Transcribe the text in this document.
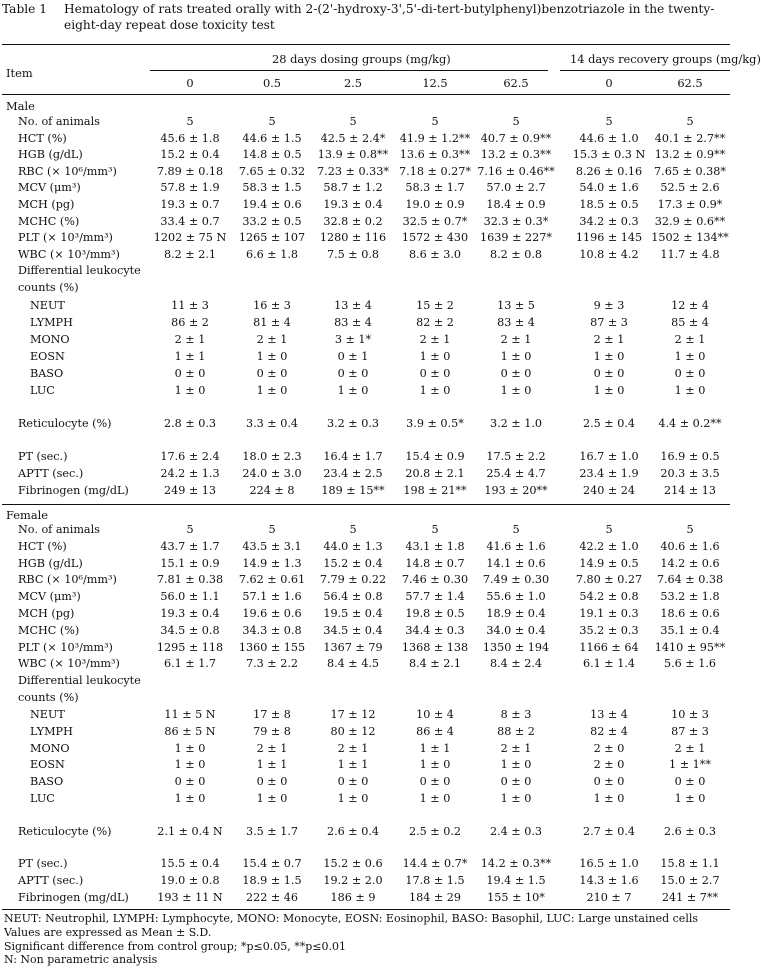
Table 1 Hematology of rats treated orally with 2-(2'-hydroxy-3',5'-di-tert-butylphenyl)benzotriazole in the twenty-eight-day repeat dose toxicity test
Item
28 days dosing groups (mg/kg)	14 days recovery groups (mg/kg)
0	0.5	2.5	12.5	62.5	0	62.5
Male
No. of animals	5	5	5	5	5	5	5
HCT (%)	45.6 ± 1.8	44.6 ± 1.5	42.5 ± 2.4*	41.9 ± 1.2** 40.7 ± 0.9**	44.6 ± 1.0	40.1 ± 2.7**
HGB (g/dL)	15.2 ± 0.4	14.8 ± 0.5	13.9 ± 0.8**	13.6 ± 0.3** 13.2 ± 0.3**	15.3 ± 0.3 N 13.2 ± 0.9**
RBC (× 10⁶/mm³)	7.89 ± 0.18	7.65 ± 0.32	7.23 ± 0.33* 7.18 ± 0.27* 7.16 ± 0.46**	8.26 ± 0.16	7.65 ± 0.38*
MCV (μm³)	57.8 ± 1.9	58.3 ± 1.5	58.7 ± 1.2	58.3 ± 1.7	57.0 ± 2.7	54.0 ± 1.6	52.5 ± 2.6
MCH (pg)	19.3 ± 0.7	19.4 ± 0.6	19.3 ± 0.4	19.0 ± 0.9	18.4 ± 0.9	18.5 ± 0.5	17.3 ± 0.9*
MCHC (%)	33.4 ± 0.7	33.2 ± 0.5	32.8 ± 0.2	32.5 ± 0.7*	32.3 ± 0.3*	34.2 ± 0.3	32.9 ± 0.6**
PLT (× 10³/mm³)	1202 ± 75 N	1265 ± 107	1280 ± 116	1572 ± 430	1639 ± 227*	1196 ± 145 1502 ± 134**
WBC (× 10³/mm³)	8.2 ± 2.1	6.6 ± 1.8	7.5 ± 0.8	8.6 ± 3.0	8.2 ± 0.8	10.8 ± 4.2	11.7 ± 4.8
Differential leukocyte
counts (%)
NEUT	11 ± 3	16 ± 3	13 ± 4	15 ± 2	13 ± 5	9 ± 3	12 ± 4
LYMPH	86 ± 2	81 ± 4	83 ± 4	82 ± 2	83 ± 4	87 ± 3	85 ± 4
MONO	2 ± 1	2 ± 1	3 ± 1*	2 ± 1	2 ± 1	2 ± 1	2 ± 1
EOSN	1 ± 1	1 ± 0	0 ± 1	1 ± 0	1 ± 0	1 ± 0	1 ± 0
BASO	0 ± 0	0 ± 0	0 ± 0	0 ± 0	0 ± 0	0 ± 0	0 ± 0
LUC	1 ± 0	1 ± 0	1 ± 0	1 ± 0	1 ± 0	1 ± 0	1 ± 0
Reticulocyte (%)	2.8 ± 0.3	3.3 ± 0.4	3.2 ± 0.3	3.9 ± 0.5*	3.2 ± 1.0	2.5 ± 0.4	4.4 ± 0.2**
PT (sec.)	17.6 ± 2.4	18.0 ± 2.3	16.4 ± 1.7	15.4 ± 0.9	17.5 ± 2.2	16.7 ± 1.0	16.9 ± 0.5
APTT (sec.)	24.2 ± 1.3	24.0 ± 3.0	23.4 ± 2.5	20.8 ± 2.1	25.4 ± 4.7	23.4 ± 1.9	20.3 ± 3.5
Fibrinogen (mg/dL)	249 ± 13	224 ± 8	189 ± 15**	198 ± 21**	193 ± 20**	240 ± 24	214 ± 13
Female
No. of animals	5	5	5	5	5	5	5
HCT (%)	43.7 ± 1.7	43.5 ± 3.1	44.0 ± 1.3	43.1 ± 1.8	41.6 ± 1.6	42.2 ± 1.0	40.6 ± 1.6
HGB (g/dL)	15.1 ± 0.9	14.9 ± 1.3	15.2 ± 0.4	14.8 ± 0.7	14.1 ± 0.6	14.9 ± 0.5	14.2 ± 0.6
RBC (× 10⁶/mm³)	7.81 ± 0.38	7.62 ± 0.61	7.79 ± 0.22	7.46 ± 0.30	7.49 ± 0.30	7.80 ± 0.27	7.64 ± 0.38
MCV (μm³)	56.0 ± 1.1	57.1 ± 1.6	56.4 ± 0.8	57.7 ± 1.4	55.6 ± 1.0	54.2 ± 0.8	53.2 ± 1.8
MCH (pg)	19.3 ± 0.4	19.6 ± 0.6	19.5 ± 0.4	19.8 ± 0.5	18.9 ± 0.4	19.1 ± 0.3	18.6 ± 0.6
MCHC (%)	34.5 ± 0.8	34.3 ± 0.8	34.5 ± 0.4	34.4 ± 0.3	34.0 ± 0.4	35.2 ± 0.3	35.1 ± 0.4
PLT (× 10³/mm³)	1295 ± 118	1360 ± 155	1367 ± 79	1368 ± 138	1350 ± 194	1166 ± 64	1410 ± 95**
WBC (× 10³/mm³)	6.1 ± 1.7	7.3 ± 2.2	8.4 ± 4.5	8.4 ± 2.1	8.4 ± 2.4	6.1 ± 1.4	5.6 ± 1.6
Differential leukocyte
counts (%)
NEUT	11 ± 5 N	17 ± 8	17 ± 12	10 ± 4	8 ± 3	13 ± 4	10 ± 3
LYMPH	86 ± 5 N	79 ± 8	80 ± 12	86 ± 4	88 ± 2	82 ± 4	87 ± 3
MONO	1 ± 0	2 ± 1	2 ± 1	1 ± 1	2 ± 1	2 ± 0	2 ± 1
EOSN	1 ± 0	1 ± 1	1 ± 1	1 ± 0	1 ± 0	2 ± 0	1 ± 1**
BASO	0 ± 0	0 ± 0	0 ± 0	0 ± 0	0 ± 0	0 ± 0	0 ± 0
LUC	1 ± 0	1 ± 0	1 ± 0	1 ± 0	1 ± 0	1 ± 0	1 ± 0
Reticulocyte (%)	2.1 ± 0.4 N	3.5 ± 1.7	2.6 ± 0.4	2.5 ± 0.2	2.4 ± 0.3	2.7 ± 0.4	2.6 ± 0.3
PT (sec.)	15.5 ± 0.4	15.4 ± 0.7	15.2 ± 0.6	14.4 ± 0.7*	14.2 ± 0.3**	16.5 ± 1.0	15.8 ± 1.1
APTT (sec.)	19.0 ± 0.8	18.9 ± 1.5	19.2 ± 2.0	17.8 ± 1.5	19.4 ± 1.5	14.3 ± 1.6	15.0 ± 2.7
Fibrinogen (mg/dL)	193 ± 11 N	222 ± 46	186 ± 9	184 ± 29	155 ± 10*	210 ± 7	241 ± 7**
NEUT: Neutrophil, LYMPH: Lymphocyte, MONO: Monocyte, EOSN: Eosinophil, BASO: Basophil, LUC: Large unstained cells
Values are expressed as Mean ± S.D.
Significant difference from control group; *p≤0.05, **p≤0.01
N: Non parametric analysis
